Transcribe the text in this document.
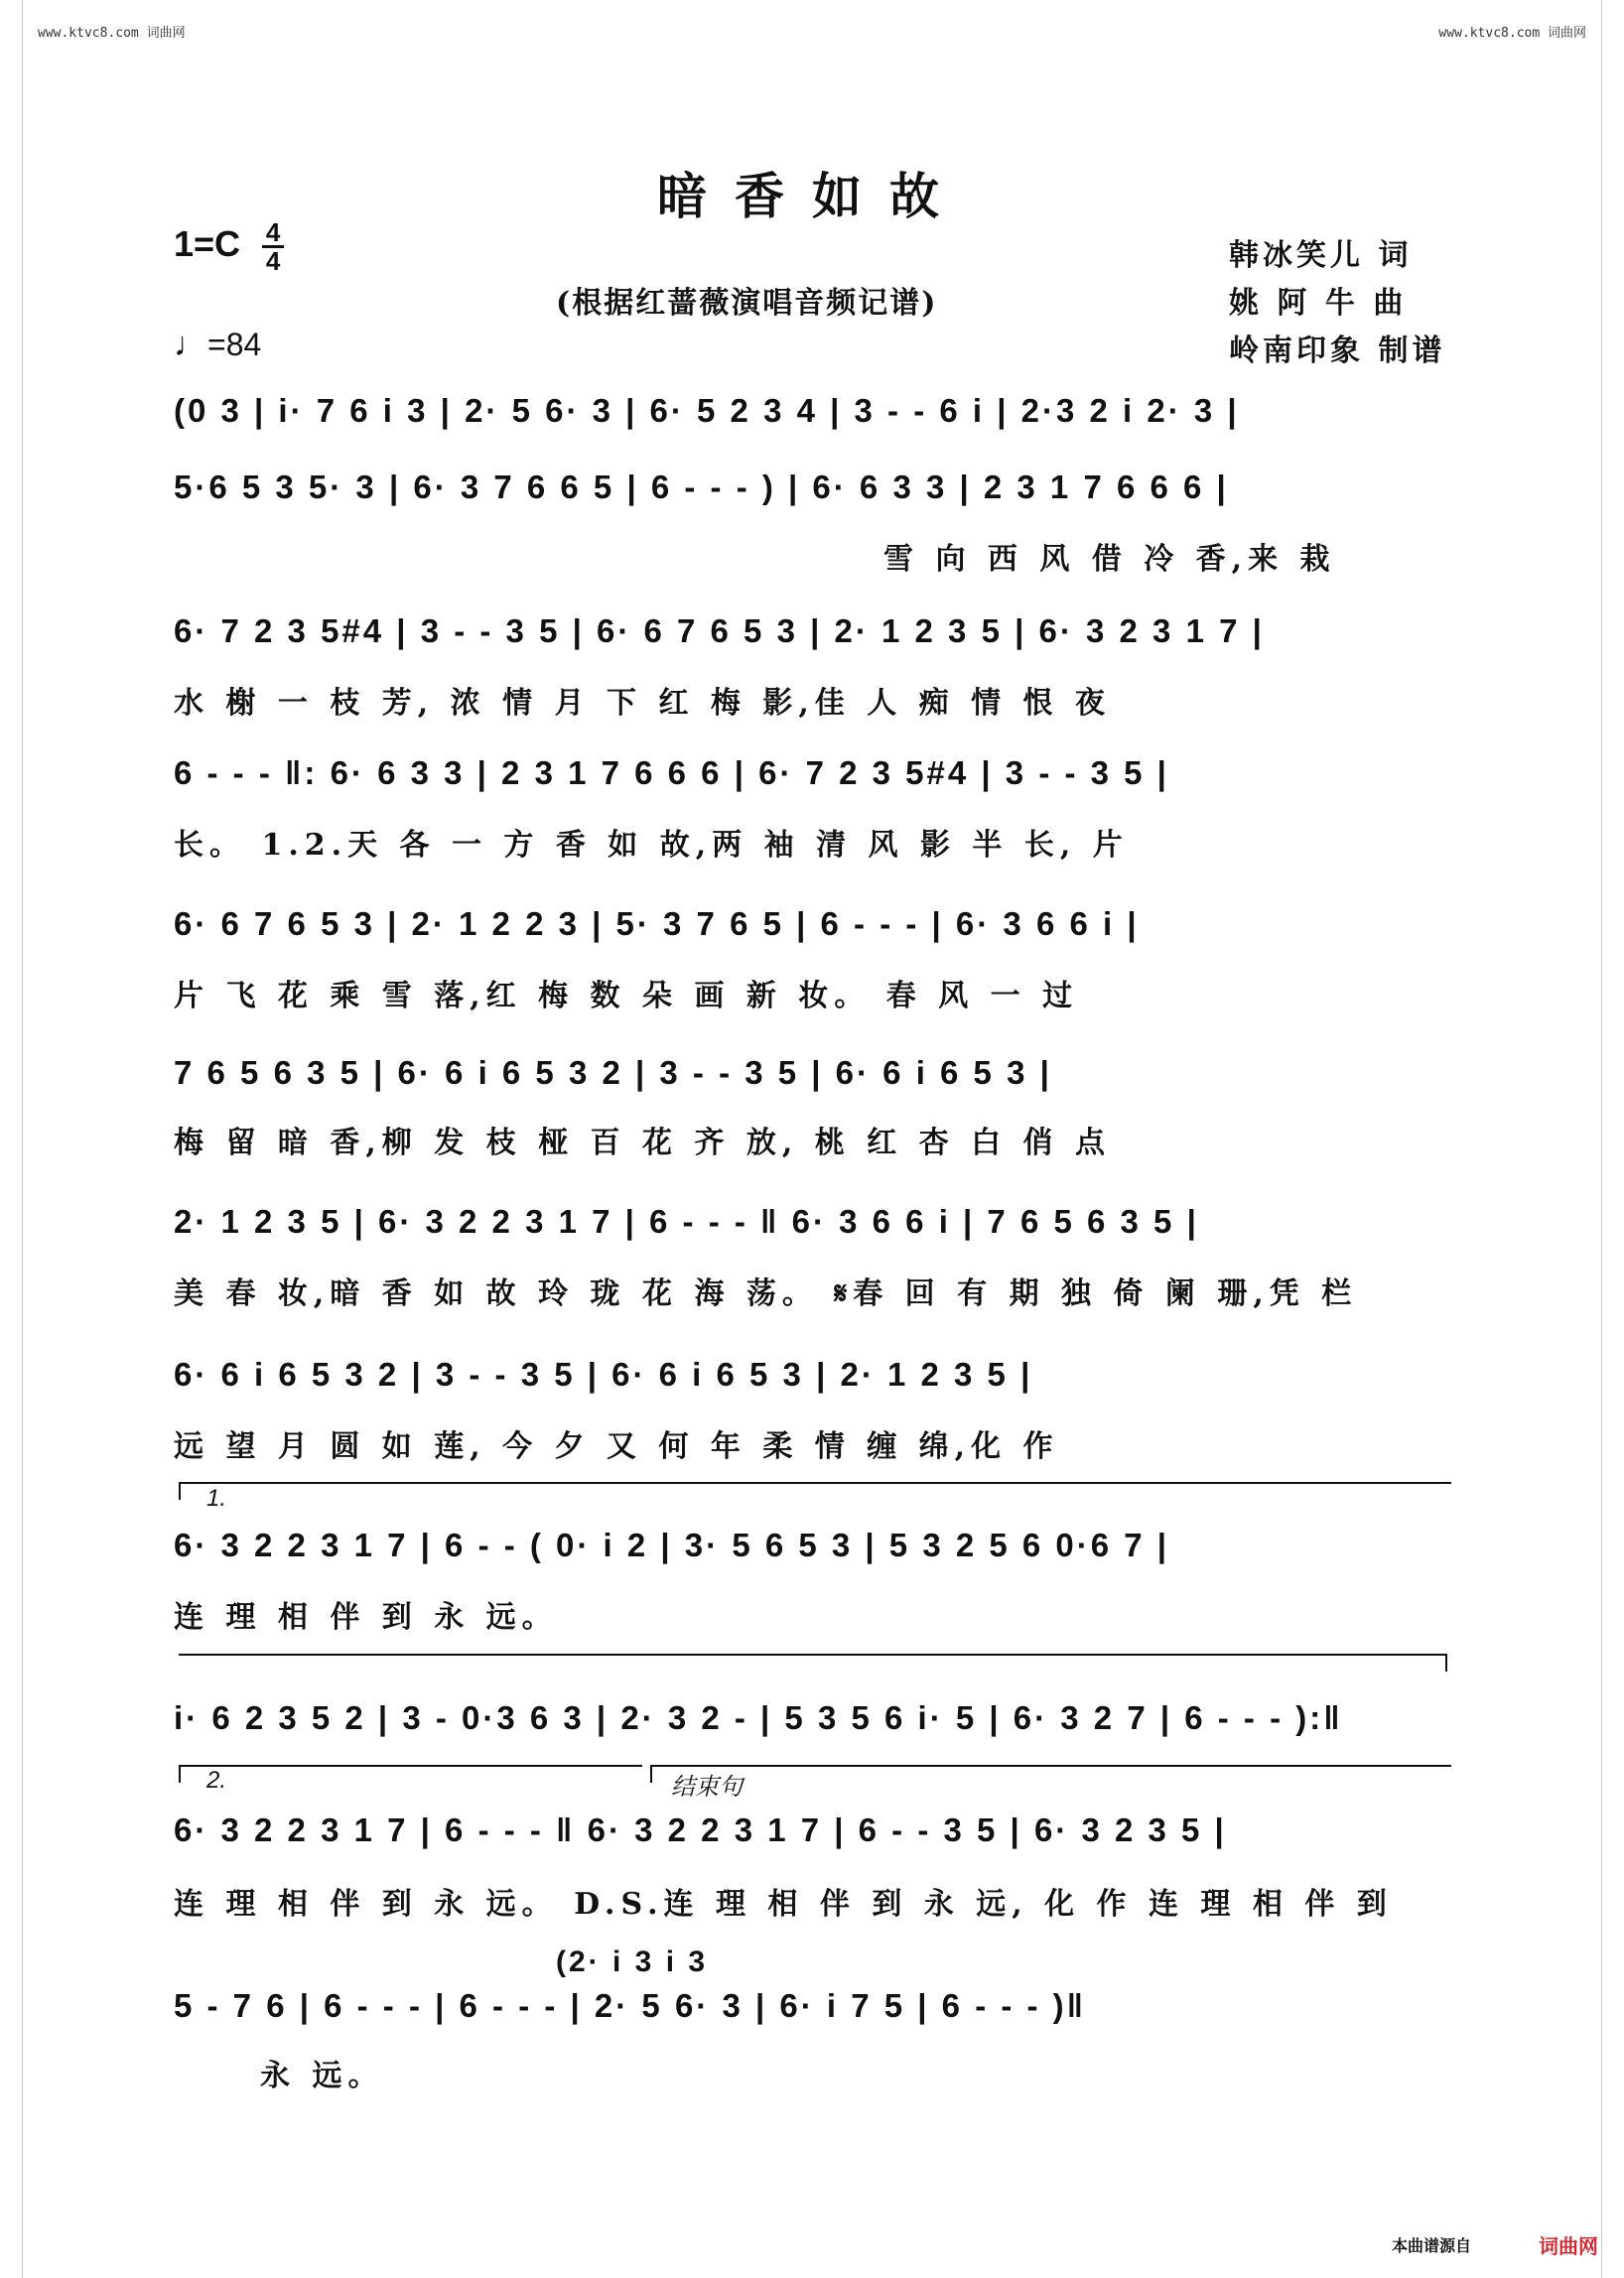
www.ktvc8.com 词曲网	www.ktvc8.com 词曲网
暗香如故
$1=C \frac{4}{4}$
♩=84
(根据红蔷薇演唱音频记谱)
韩冰笑儿 词
姚 阿 牛 曲
岭南印象 制谱
(0 3 | i· 7 6 i 3 | 2· 5 6· 3 | 6· 5 2 3 4 | 3 - - 6 i | 2·3 2 i 2· 3 |
5·6 5 3 5· 3 | 6· 3 7 6 6 5 | 6 - - - ) | 6· 6 3 3 | 2 3 1 7 6 6 6 |
雪 向 西 风 借 冷 香,来 栽
6· 7 2 3 5#4 | 3 - - 3 5 | 6· 6 7 6 5 3 | 2· 1 2 3 5 | 6· 3 2 3 1 7 |
水 榭 一 枝 芳, 浓 情 月 下 红 梅 影,佳 人 痴 情 恨 夜
6 - - - ‖: 6· 6 3 3 | 2 3 1 7 6 6 6 | 6· 7 2 3 5#4 | 3 - - 3 5 |
长。 1.2.天 各 一 方 香 如 故,两 袖 清 风 影 半 长, 片
6· 6 7 6 5 3 | 2· 1 2 2 3 | 5· 3 7 6 5 | 6 - - - | 6· 3 6 6 i |
片 飞 花 乘 雪 落,红 梅 数 朵 画 新 妆。 春 风 一 过
7 6 5 6 3 5 | 6· 6 i 6 5 3 2 | 3 - - 3 5 | 6· 6 i 6 5 3 |
梅 留 暗 香,柳 发 枝 桠 百 花 齐 放, 桃 红 杏 白 俏 点
2· 1 2 3 5 | 6· 3 2 2 3 1 7 | 6 - - - ‖ 6· 3 6 6 i | 7 6 5 6 3 5 |
美 春 妆,暗 香 如 故 玲 珑 花 海 荡。 𝄋春 回 有 期 独 倚 阑 珊,凭 栏
6· 6 i 6 5 3 2 | 3 - - 3 5 | 6· 6 i 6 5 3 | 2· 1 2 3 5 |
远 望 月 圆 如 莲, 今 夕 又 何 年 柔 情 缠 绵,化 作
1.
6· 3 2 2 3 1 7 | 6 - - ( 0· i 2 | 3· 5 6 5 3 | 5 3 2 5 6 0·6 7 |
连 理 相 伴 到 永 远。
i· 6 2 3 5 2 | 3 - 0·3 6 3 | 2· 3 2 - | 5 3 5 6 i· 5 | 6· 3 2 7 | 6 - - - ):‖
2.	结束句
6· 3 2 2 3 1 7 | 6 - - - ‖ 6· 3 2 2 3 1 7 | 6 - - 3 5 | 6· 3 2 3 5 |
连 理 相 伴 到 永 远。 D.S.连 理 相 伴 到 永 远, 化 作 连 理 相 伴 到
(2· i 3 i 3
5 - 7 6 | 6 - - - | 6 - - - | 2· 5 6· 3 | 6· i 7 5 | 6 - - - )‖
永 远。
本曲谱源自	词曲网
